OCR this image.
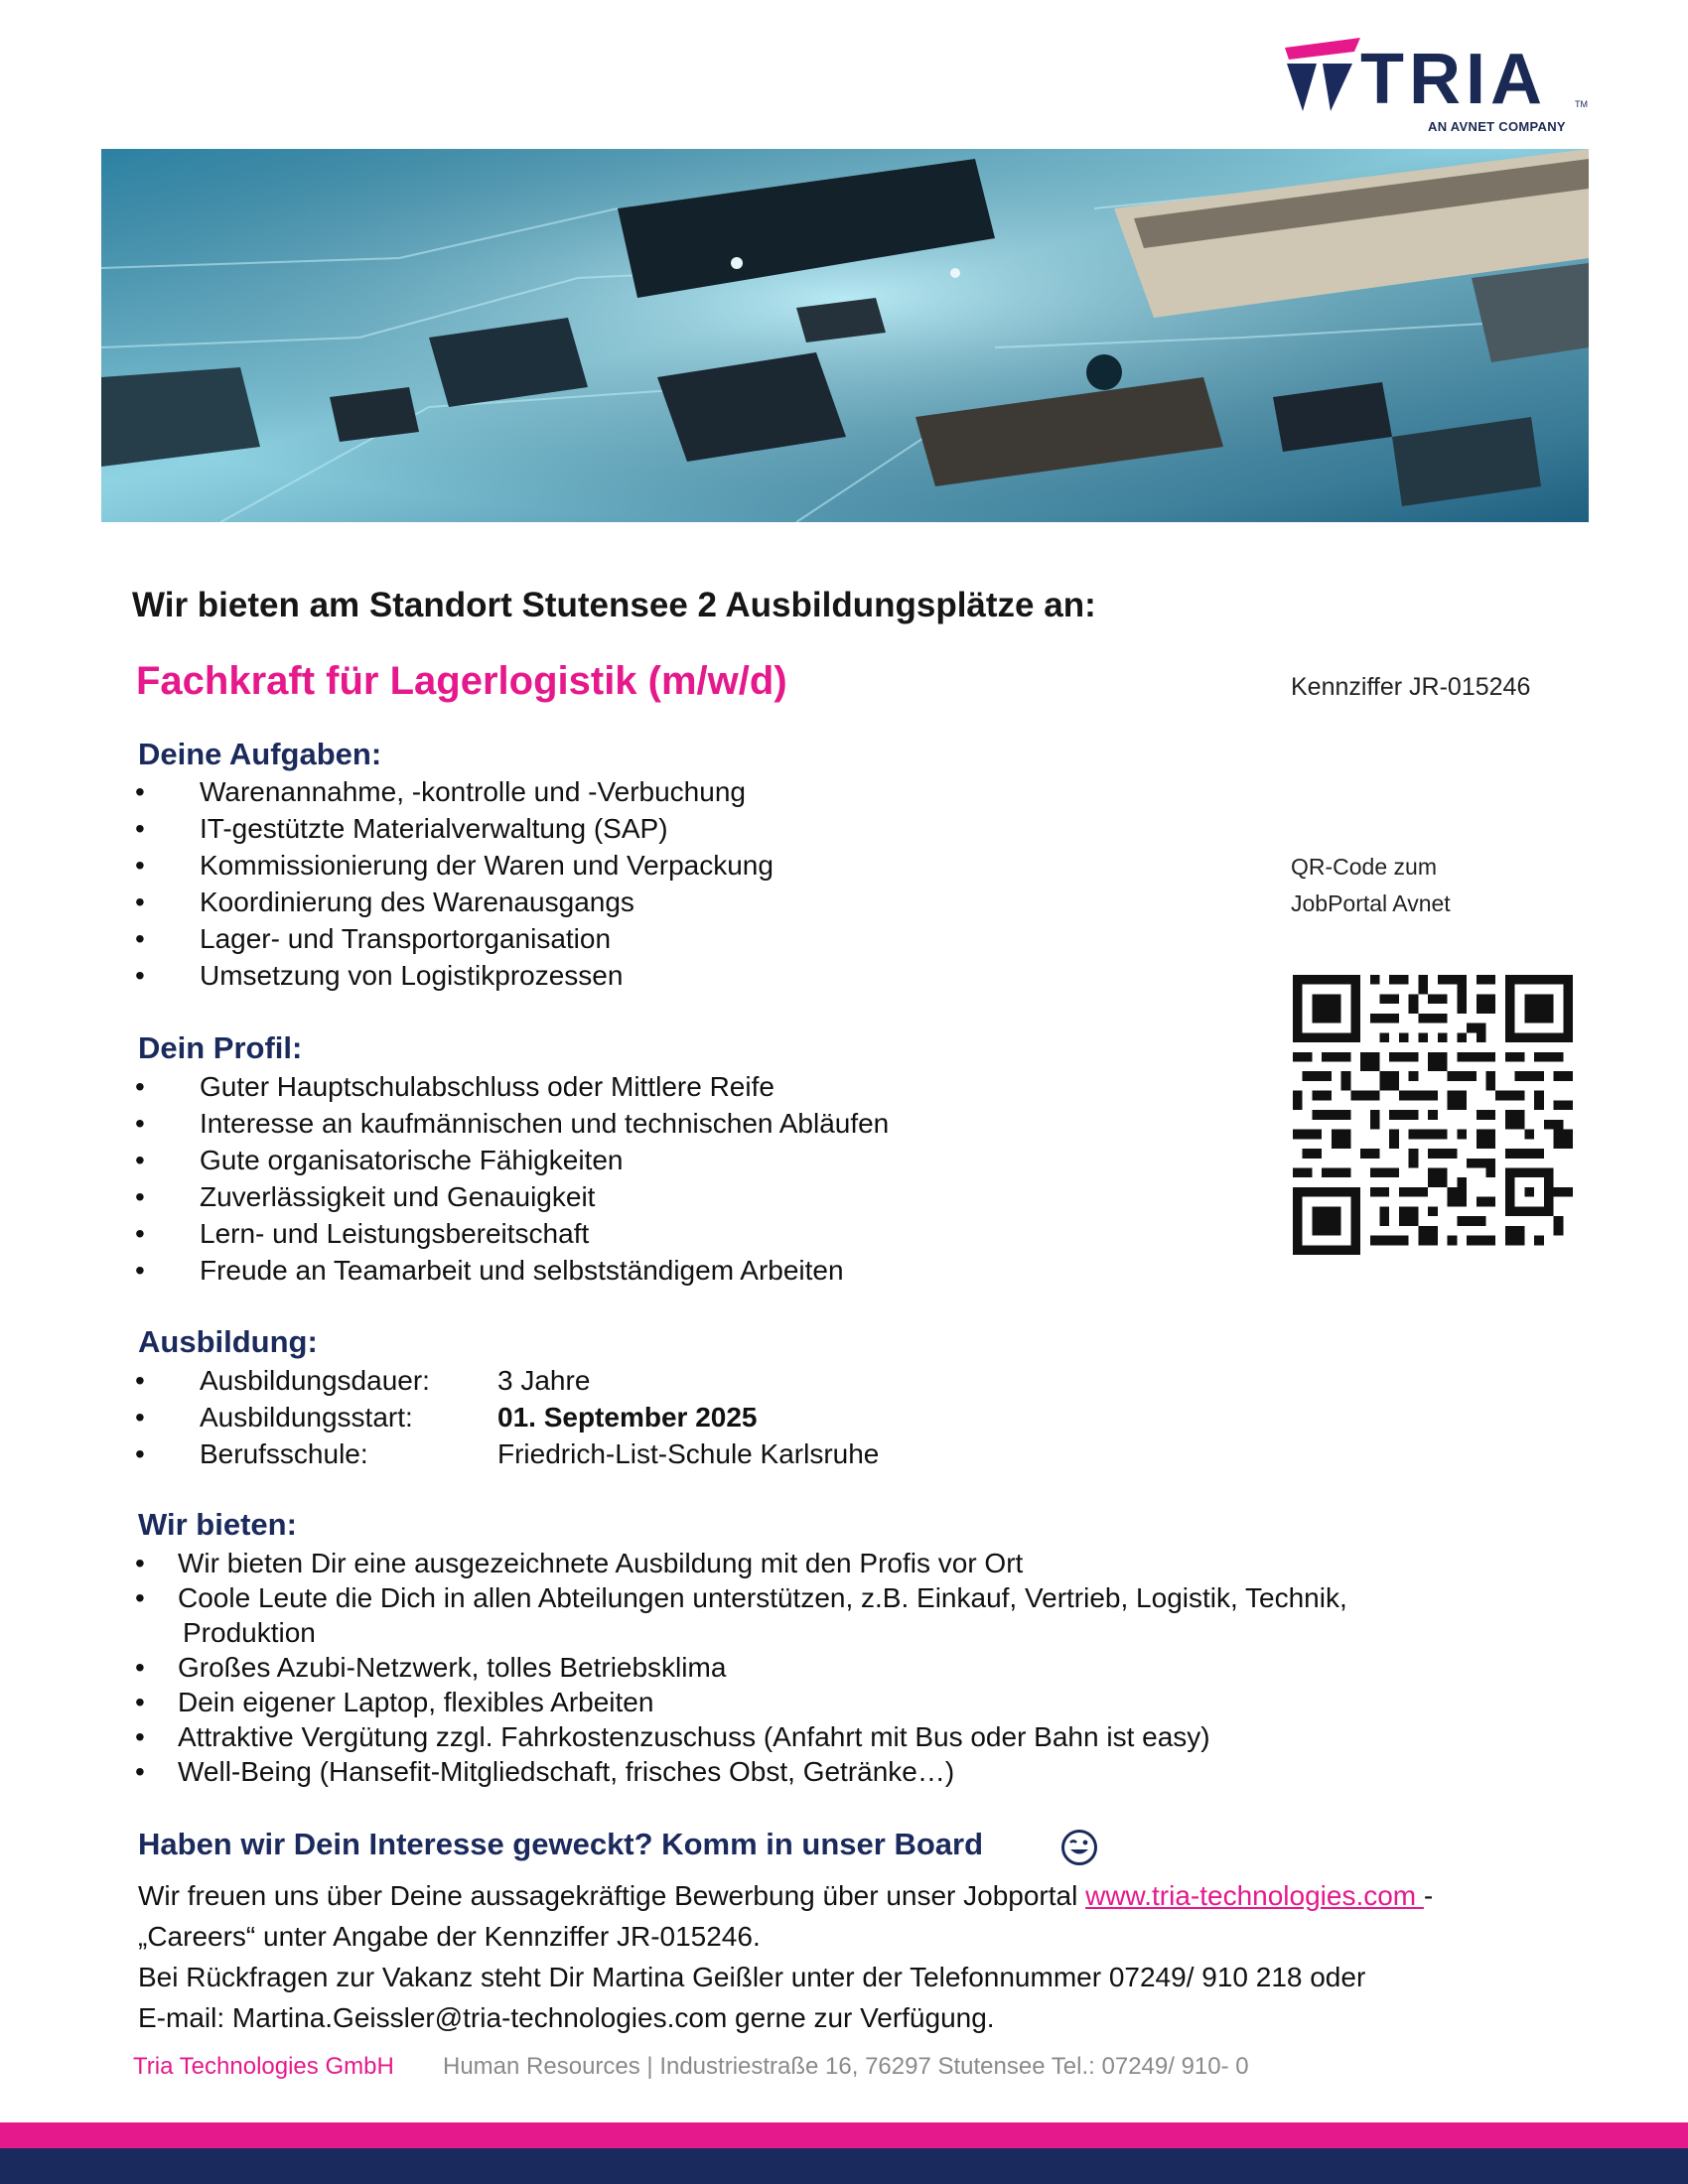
TRIA	TM
AN AVNET COMPANY
Wir bieten am Standort Stutensee 2 Ausbildungsplätze an:
Fachkraft für Lagerlogistik (m/w/d)	Kennziffer JR-015246
Deine Aufgaben:
• Warenannahme, -kontrolle und -Verbuchung
• IT-gestützte Materialverwaltung (SAP)
• Kommissionierung der Waren und Verpackung
• Koordinierung des Warenausgangs
• Lager- und Transportorganisation
• Umsetzung von Logistikprozessen
QR-Code zum
JobPortal Avnet
Dein Profil:
• Guter Hauptschulabschluss oder Mittlere Reife
• Interesse an kaufmännischen und technischen Abläufen
• Gute organisatorische Fähigkeiten
• Zuverlässigkeit und Genauigkeit
• Lern- und Leistungsbereitschaft
• Freude an Teamarbeit und selbstständigem Arbeiten
Ausbildung:
• Ausbildungsdauer: 3 Jahre
• Ausbildungsstart:	01. September 2025
• Berufsschule:	Friedrich-List-Schule Karlsruhe
Wir bieten:
• Wir bieten Dir eine ausgezeichnete Ausbildung mit den Profis vor Ort
• Coole Leute die Dich in allen Abteilungen unterstützen, z.B. Einkauf, Vertrieb, Logistik, Technik,
Produktion
• Großes Azubi-Netzwerk, tolles Betriebsklima
• Dein eigener Laptop, flexibles Arbeiten
• Attraktive Vergütung zzgl. Fahrkostenzuschuss (Anfahrt mit Bus oder Bahn ist easy)
• Well-Being (Hansefit-Mitgliedschaft, frisches Obst, Getränke…)
Haben wir Dein Interesse geweckt? Komm in unser Board
Wir freuen uns über Deine aussagekräftige Bewerbung über unser Jobportal www.tria-technologies.com -
„Careers“ unter Angabe der Kennziffer JR-015246.
Bei Rückfragen zur Vakanz steht Dir Martina Geißler unter der Telefonnummer 07249/ 910 218 oder
E-mail: Martina.Geissler@tria-technologies.com gerne zur Verfügung.
Tria Technologies GmbH Human Resources | Industriestraße 16, 76297 Stutensee Tel.: 07249/ 910- 0
